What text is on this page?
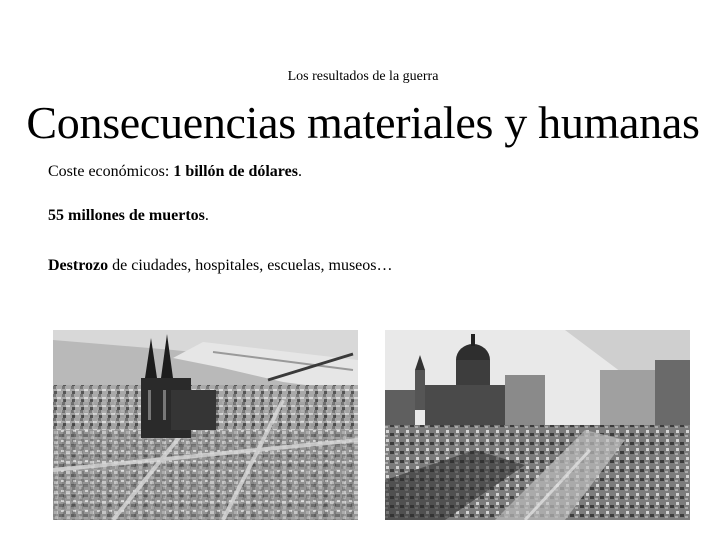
Los resultados de la guerra
Consecuencias materiales y humanas
Coste económicos: 1 billón de dólares.
55 millones de muertos.
Destrozo de ciudades, hospitales, escuelas, museos…
